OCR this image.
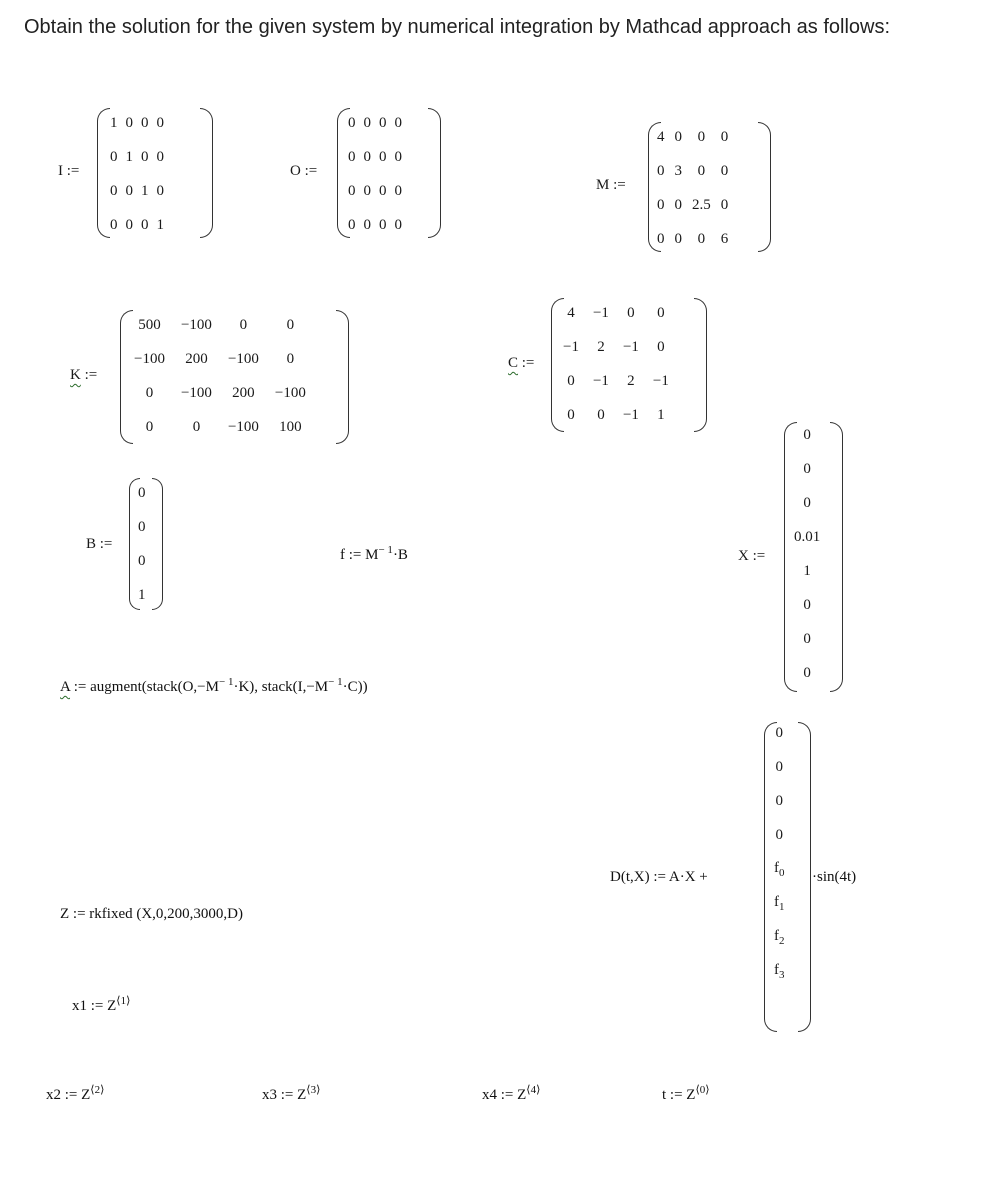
Obtain the solution for the given system by numerical integration by Mathcad approach as follows:

I :=
1	0	0	0
0	1	0	0
0	0	1	0
0	0	0	1
O :=
0	0	0	0
0	0	0	0
0	0	0	0
0	0	0	0
M :=
4	0	0	0
0	3	0	0
0	0	2.5	0
0	0	0	6
K :=
500	−100	0	0
−100	200	−100	0
0	−100	200	−100
0	0	−100	100
C :=
4	−1	0	0
−1	2	−1	0
0	−1	2	−1
0	0	−1	1
B :=
0
0
0
1
f := $M^{- 1}\cdot B$	X :=
0
0
0
0.01
1
0
0
0
A := $augment(stack(O,-M^{- 1}\cdot K)$, $stack(I,-M^{- 1}\cdot C)$)
D(t,X) := A·X +
0
0
0
0
$f_0$
$f_1$
$f_2$
$f_3$
·sin(4t)
Z := rkfixed (X,0,200,3000,D)
x1 := $Z^{⟨1⟩}$
x2 := $Z^{⟨2⟩}$	x3 := $Z^{⟨3⟩}$	x4 := $Z^{⟨4⟩}$	t := $Z^{⟨0⟩}$
